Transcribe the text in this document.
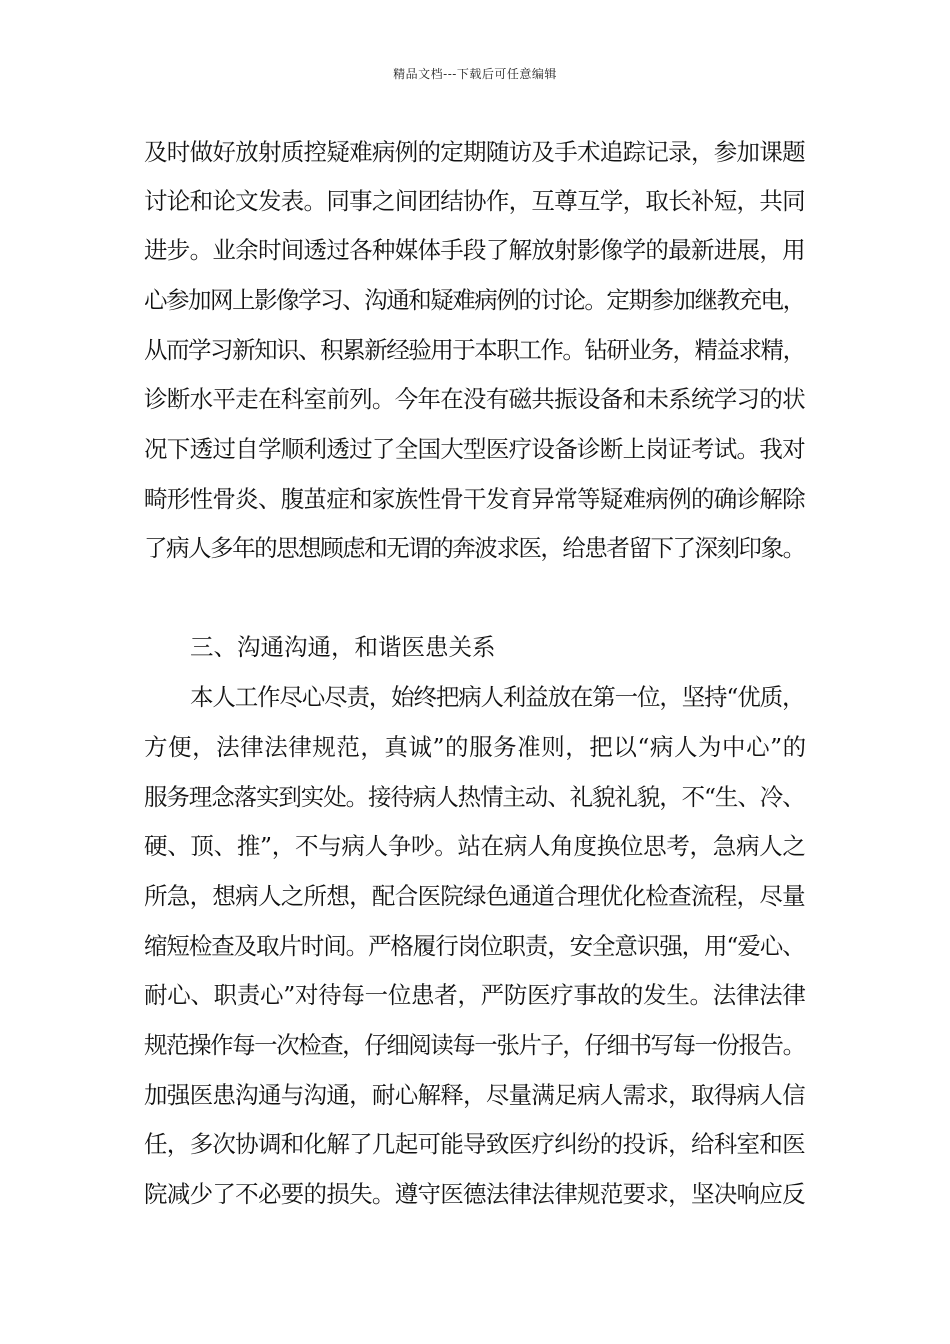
精品文档---下载后可任意编辑
及时做好放射质控疑难病例的定期随访及手术追踪记录，参加课题
讨论和论文发表。同事之间团结协作，互尊互学，取长补短，共同
进步。业余时间透过各种媒体手段了解放射影像学的最新进展，用
心参加网上影像学习、沟通和疑难病例的讨论。定期参加继教充电，
从而学习新知识、积累新经验用于本职工作。钻研业务，精益求精，
诊断水平走在科室前列。今年在没有磁共振设备和未系统学习的状
况下透过自学顺利透过了全国大型医疗设备诊断上岗证考试。我对
畸形性骨炎、腹茧症和家族性骨干发育异常等疑难病例的确诊解除
了病人多年的思想顾虑和无谓的奔波求医，给患者留下了深刻印象。
三、沟通沟通，和谐医患关系
本人工作尽心尽责，始终把病人利益放在第一位，坚持“优质，
方便，法律法律规范，真诚”的服务准则，把以“病人为中心”的
服务理念落实到实处。接待病人热情主动、礼貌礼貌，不“生、冷、
硬、顶、推”，不与病人争吵。站在病人角度换位思考，急病人之
所急，想病人之所想，配合医院绿色通道合理优化检查流程，尽量
缩短检查及取片时间。严格履行岗位职责，安全意识强，用“爱心、
耐心、职责心”对待每一位患者，严防医疗事故的发生。法律法律
规范操作每一次检查，仔细阅读每一张片子，仔细书写每一份报告。
加强医患沟通与沟通，耐心解释，尽量满足病人需求，取得病人信
任，多次协调和化解了几起可能导致医疗纠纷的投诉，给科室和医
院减少了不必要的损失。遵守医德法律法律规范要求，坚决响应反
